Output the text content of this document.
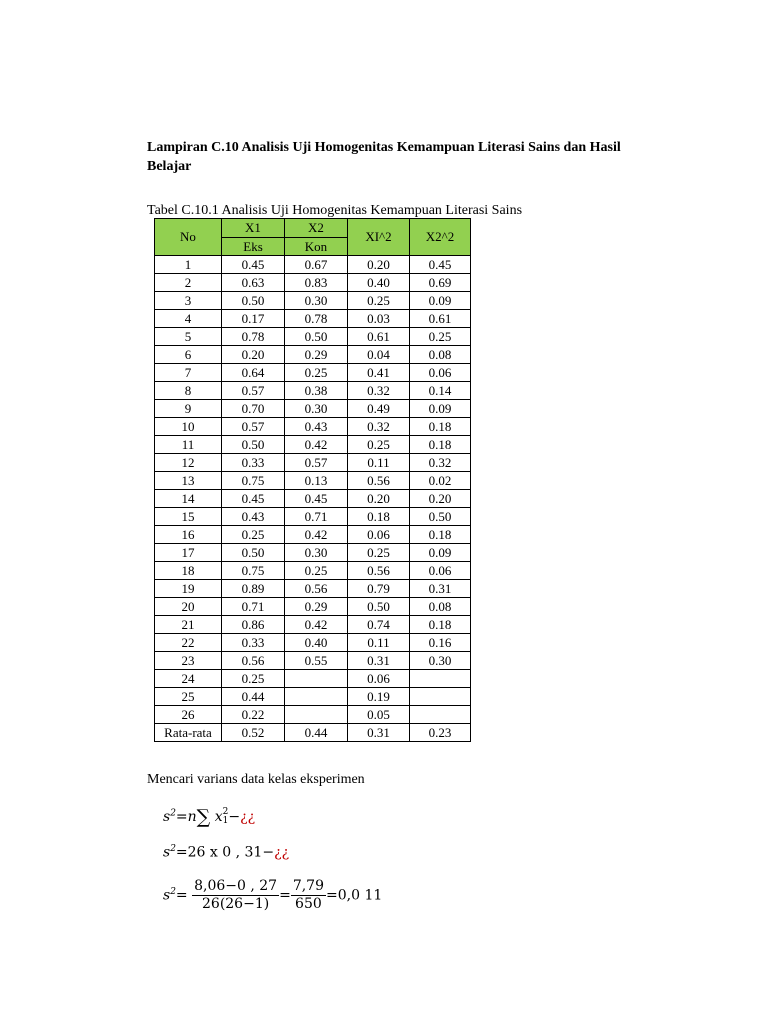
Lampiran C.10 Analisis Uji Homogenitas Kemampuan Literasi Sains dan Hasil Belajar
Tabel C.10.1 Analisis Uji Homogenitas Kemampuan Literasi Sains
No	X1	X2	XI^2	X2^2
	Eks	Kon		
1	0.45	0.67	0.20	0.45
2	0.63	0.83	0.40	0.69
3	0.50	0.30	0.25	0.09
4	0.17	0.78	0.03	0.61
5	0.78	0.50	0.61	0.25
6	0.20	0.29	0.04	0.08
7	0.64	0.25	0.41	0.06
8	0.57	0.38	0.32	0.14
9	0.70	0.30	0.49	0.09
10	0.57	0.43	0.32	0.18
11	0.50	0.42	0.25	0.18
12	0.33	0.57	0.11	0.32
13	0.75	0.13	0.56	0.02
14	0.45	0.45	0.20	0.20
15	0.43	0.71	0.18	0.50
16	0.25	0.42	0.06	0.18
17	0.50	0.30	0.25	0.09
18	0.75	0.25	0.56	0.06
19	0.89	0.56	0.79	0.31
20	0.71	0.29	0.50	0.08
21	0.86	0.42	0.74	0.18
22	0.33	0.40	0.11	0.16
23	0.56	0.55	0.31	0.30
24	0.25		0.06	
25	0.44		0.19	
26	0.22		0.05	
Rata-rata	0.52	0.44	0.31	0.23
Mencari varians data kelas eksperimen
$s^2=n\sum$ x 2
1 −¿¿
$s^2=26$ x 0 , 31−¿¿
$s^2= \frac{8,06-0 , 27}{26(26-1)} = \frac{7,79}{650} =0,0$ 11
